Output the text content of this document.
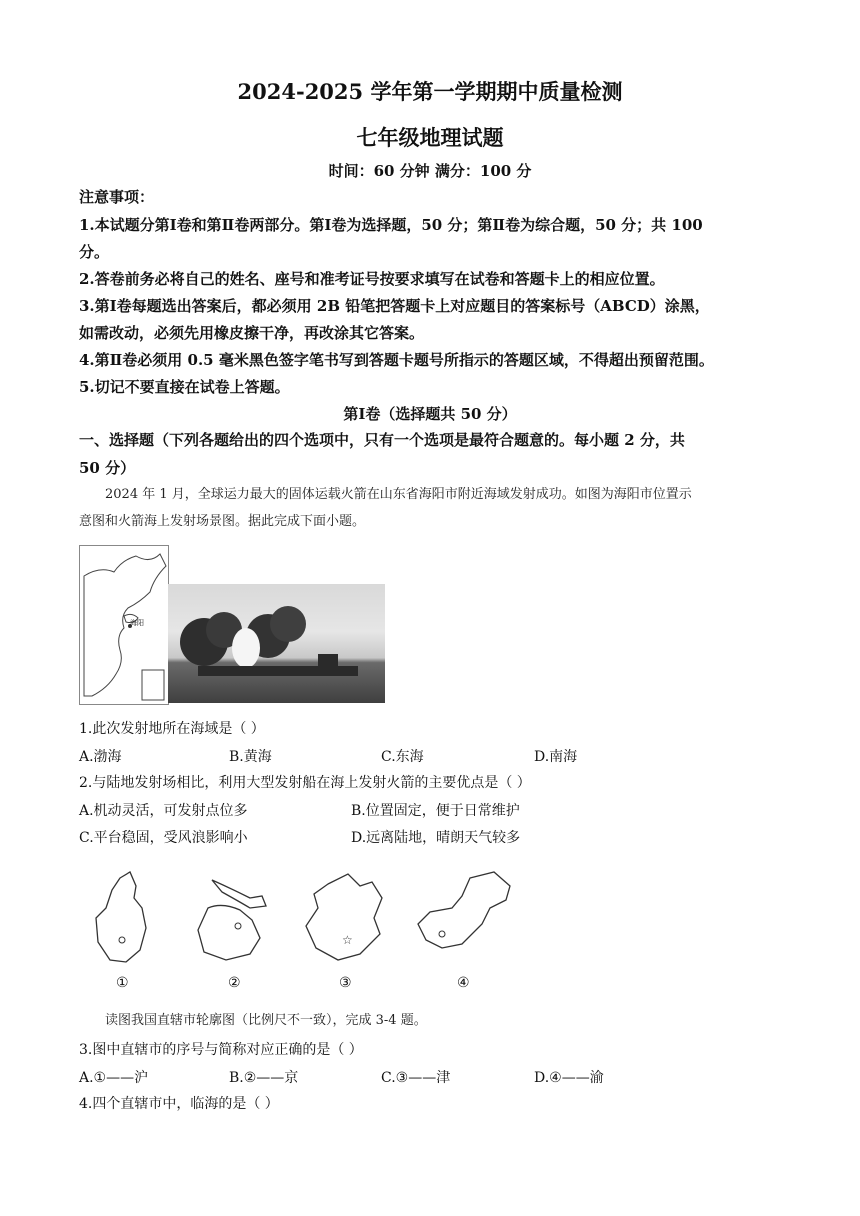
2024-2025 学年第一学期期中质量检测
七年级地理试题
时间：60 分钟 满分：100 分
注意事项：
1.本试题分第Ⅰ卷和第Ⅱ卷两部分。第Ⅰ卷为选择题，50 分；第Ⅱ卷为综合题，50 分；共 100
分。
2.答卷前务必将自己的姓名、座号和准考证号按要求填写在试卷和答题卡上的相应位置。
3.第Ⅰ卷每题选出答案后，都必须用 2B 铅笔把答题卡上对应题目的答案标号（ABCD）涂黑，
如需改动，必须先用橡皮擦干净，再改涂其它答案。
4.第Ⅱ卷必须用 0.5 毫米黑色签字笔书写到答题卡题号所指示的答题区域，不得超出预留范围。
5.切记不要直接在试卷上答题。
第Ⅰ卷（选择题共 50 分）
一、选择题（下列各题给出的四个选项中，只有一个选项是最符合题意的。每小题 2 分，共
50 分）
2024 年 1 月，全球运力最大的固体运载火箭在山东省海阳市附近海域发射成功。如图为海阳市位置示
意图和火箭海上发射场景图。据此完成下面小题。
海阳
1.此次发射地所在海域是（ ）
A.渤海	B.黄海	C.东海	D.南海
2.与陆地发射场相比，利用大型发射船在海上发射火箭的主要优点是（ ）
A.机动灵活，可发射点位多	B.位置固定，便于日常维护
C.平台稳固，受风浪影响小	D.远离陆地，晴朗天气较多
☆
①	②	③	④
读图我国直辖市轮廓图（比例尺不一致），完成 3-4 题。
3.图中直辖市的序号与简称对应正确的是（ ）
A.①——沪	B.②——京	C.③——津	D.④——渝
4.四个直辖市中，临海的是（ ）
